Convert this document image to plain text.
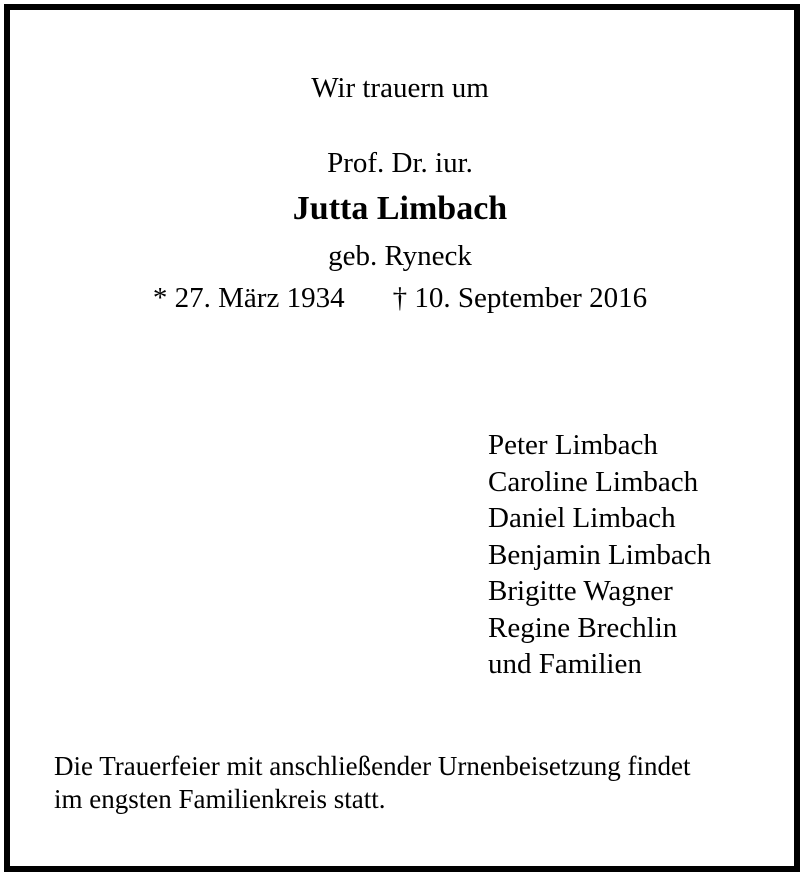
Wir trauern um
Prof. Dr. iur.
Jutta Limbach
geb. Ryneck
* 27. März 1934 † 10. September 2016
Peter Limbach
Caroline Limbach
Daniel Limbach
Benjamin Limbach
Brigitte Wagner
Regine Brechlin
und Familien
Die Trauerfeier mit anschließender Urnenbeisetzung findet
im engsten Familienkreis statt.
